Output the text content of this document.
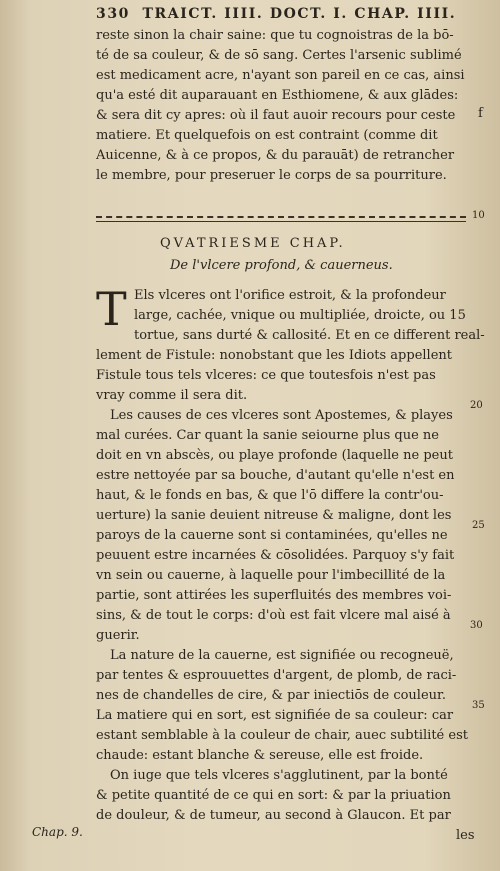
330 TRAICT. IIII. DOCT. I. CHAP. IIII.
reste sinon la chair saine: que tu cognoistras de la bō-
té de sa couleur, & de sō sang. Certes l'arsenic sublimé
est medicament acre, n'ayant son pareil en ce cas, ainsi
qu'a esté dit auparauant en Esthiomene, & aux glādes:
& sera dit cy apres: où il faut auoir recours pour ceste
matiere. Et quelquefois on est contraint (comme dit
Auicenne, & à ce propos, & du parauāt) de retrancher
le membre, pour preseruer le corps de sa pourriture.
f
10
QVATRIESME CHAP.
De l'vlcere profond, & cauerneus.
T Els vlceres ont l'orifice estroit, & la profondeur
large, cachée, vnique ou multipliée, droicte, ou 15
tortue, sans durté & callosité. Et en ce different real-
lement de Fistule: nonobstant que les Idiots appellent
Fistule tous tels vlceres: ce que toutesfois n'est pas
vray comme il sera dit.
Les causes de ces vlceres sont Apostemes, & playes
mal curées. Car quant la sanie seiourne plus que ne
doit en vn abscès, ou playe profonde (laquelle ne peut
estre nettoyée par sa bouche, d'autant qu'elle n'est en
haut, & le fonds en bas, & que l'ō differe la contr'ou-
uerture) la sanie deuient nitreuse & maligne, dont les
paroys de la cauerne sont si contaminées, qu'elles ne
peuuent estre incarnées & cōsolidées. Parquoy s'y fait
vn sein ou cauerne, à laquelle pour l'imbecillité de la
partie, sont attirées les superfluités des membres voi-
sins, & de tout le corps: d'où est fait vlcere mal aisé à
guerir.
La nature de la cauerne, est signifiée ou recogneuë,
par tentes & esprouuettes d'argent, de plomb, de raci-
nes de chandelles de cire, & par iniectiōs de couleur.
La matiere qui en sort, est signifiée de sa couleur: car
estant semblable à la couleur de chair, auec subtilité est
chaude: estant blanche & sereuse, elle est froide.
On iuge que tels vlceres s'agglutinent, par la bonté
& petite quantité de ce qui en sort: & par la priuation
de douleur, & de tumeur, au second à Glaucon. Et par
les
20
25
30
35
Chap. 9.
